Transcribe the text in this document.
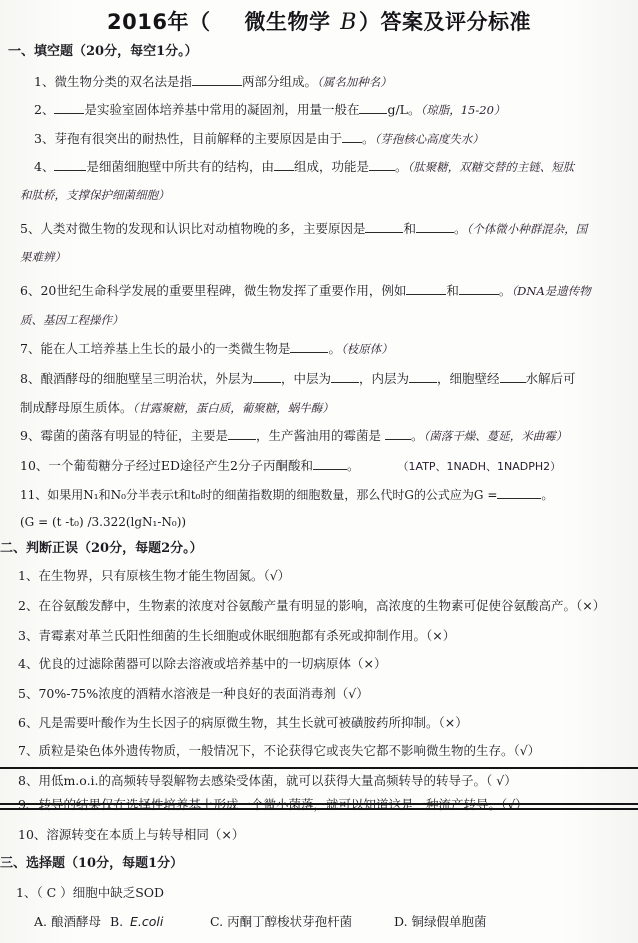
2016年（ 微生物学 B）答案及评分标准
一、填空题（20分，每空1分。）
1、微生物分类的双名法是指	两部分组成。（属名加种名）
2、 是实验室固体培养基中常用的凝固剂，用量一般在 g/L。（琼脂，15-20）
3、芽孢有很突出的耐热性，目前解释的主要原因是由于 。（芽孢核心高度失水）
4、	是细菌细胞壁中所共有的结构，由 组成，功能是 。（肽聚糖，双糖交替的主链、短肽
和肽桥，支撑保护细菌细胞）
5、人类对微生物的发现和认识比对动植物晚的多，主要原因是	和	。（个体微小种群混杂，国
果难辨）
6、20世纪生命科学发展的重要里程碑，微生物发挥了重要作用，例如	和	。（DNA是遗传物
质、基因工程操作）
7、能在人工培养基上生长的最小的一类微生物是	。（枝原体）
8、酿酒酵母的细胞壁呈三明治状，外层为 ，中层为 ，内层为 ，细胞壁经 水解后可
制成酵母原生质体。（甘露聚糖，蛋白质，葡聚糖，蜗牛酶）
9、霉菌的菌落有明显的特征，主要是 ，生产酱油用的霉菌是 。（菌落干燥、蔓延，米曲霉）
10、一个葡萄糖分子经过ED途径产生2分子丙酮酸和	。	（1ATP、1NADH、1NADPH2）
11、如果用N₁和N₀分半表示t和t₀时的细菌指数期的细胞数量，那么代时G的公式应为G =	。
(G = (t -t₀) /3.322(lgN₁-N₀))
二、判断正误（20分，每题2分。）
1、在生物界，只有原核生物才能生物固氮。（√）
2、在谷氨酸发酵中，生物素的浓度对谷氨酸产量有明显的影响，高浓度的生物素可促使谷氨酸高产。（×）
3、青霉素对革兰氏阳性细菌的生长细胞或休眠细胞都有杀死或抑制作用。（×）
4、优良的过滤除菌器可以除去溶液或培养基中的一切病原体（×）
5、70%-75%浓度的酒精水溶液是一种良好的表面消毒剂（√）
6、凡是需要叶酸作为生长因子的病原微生物，其生长就可被磺胺药所抑制。（×）
7、质粒是染色体外遗传物质，一般情况下，不论获得它或丧失它都不影响微生物的生存。（√）
8、用低m.o.i.的高频转导裂解物去感染受体菌，就可以获得大量高频转导的转导子。（ √）
10、溶源转变在本质上与转导相同（×）
三、选择题（10分，每题1分）
1、（ C ）细胞中缺乏SOD
A. 酿酒酵母 B. E.coli	C. 丙酮丁醇梭状芽孢杆菌	D. 铜绿假单胞菌
